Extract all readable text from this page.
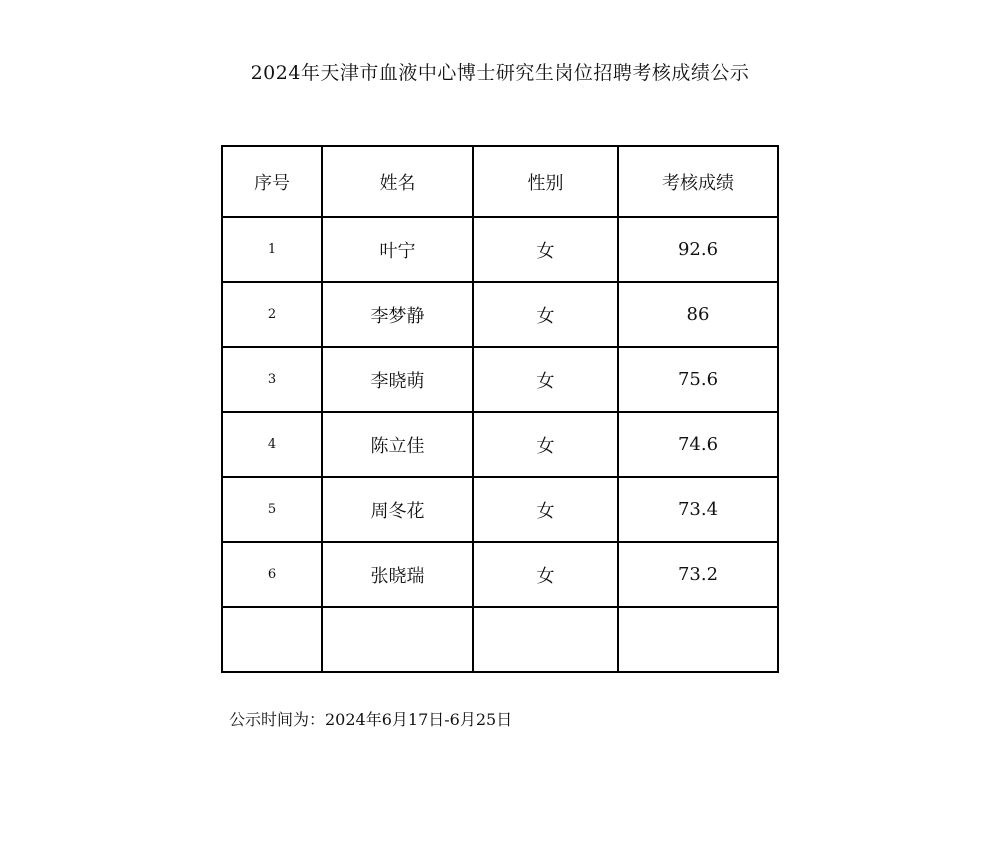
2024年天津市血液中心博士研究生岗位招聘考核成绩公示
序号	姓名	性别	考核成绩
1	叶宁	女	92.6
2	李梦静	女	86
3	李晓萌	女	75.6
4	陈立佳	女	74.6
5	周冬花	女	73.4
6	张晓瑞	女	73.2

公示时间为：2024年6月17日-6月25日
